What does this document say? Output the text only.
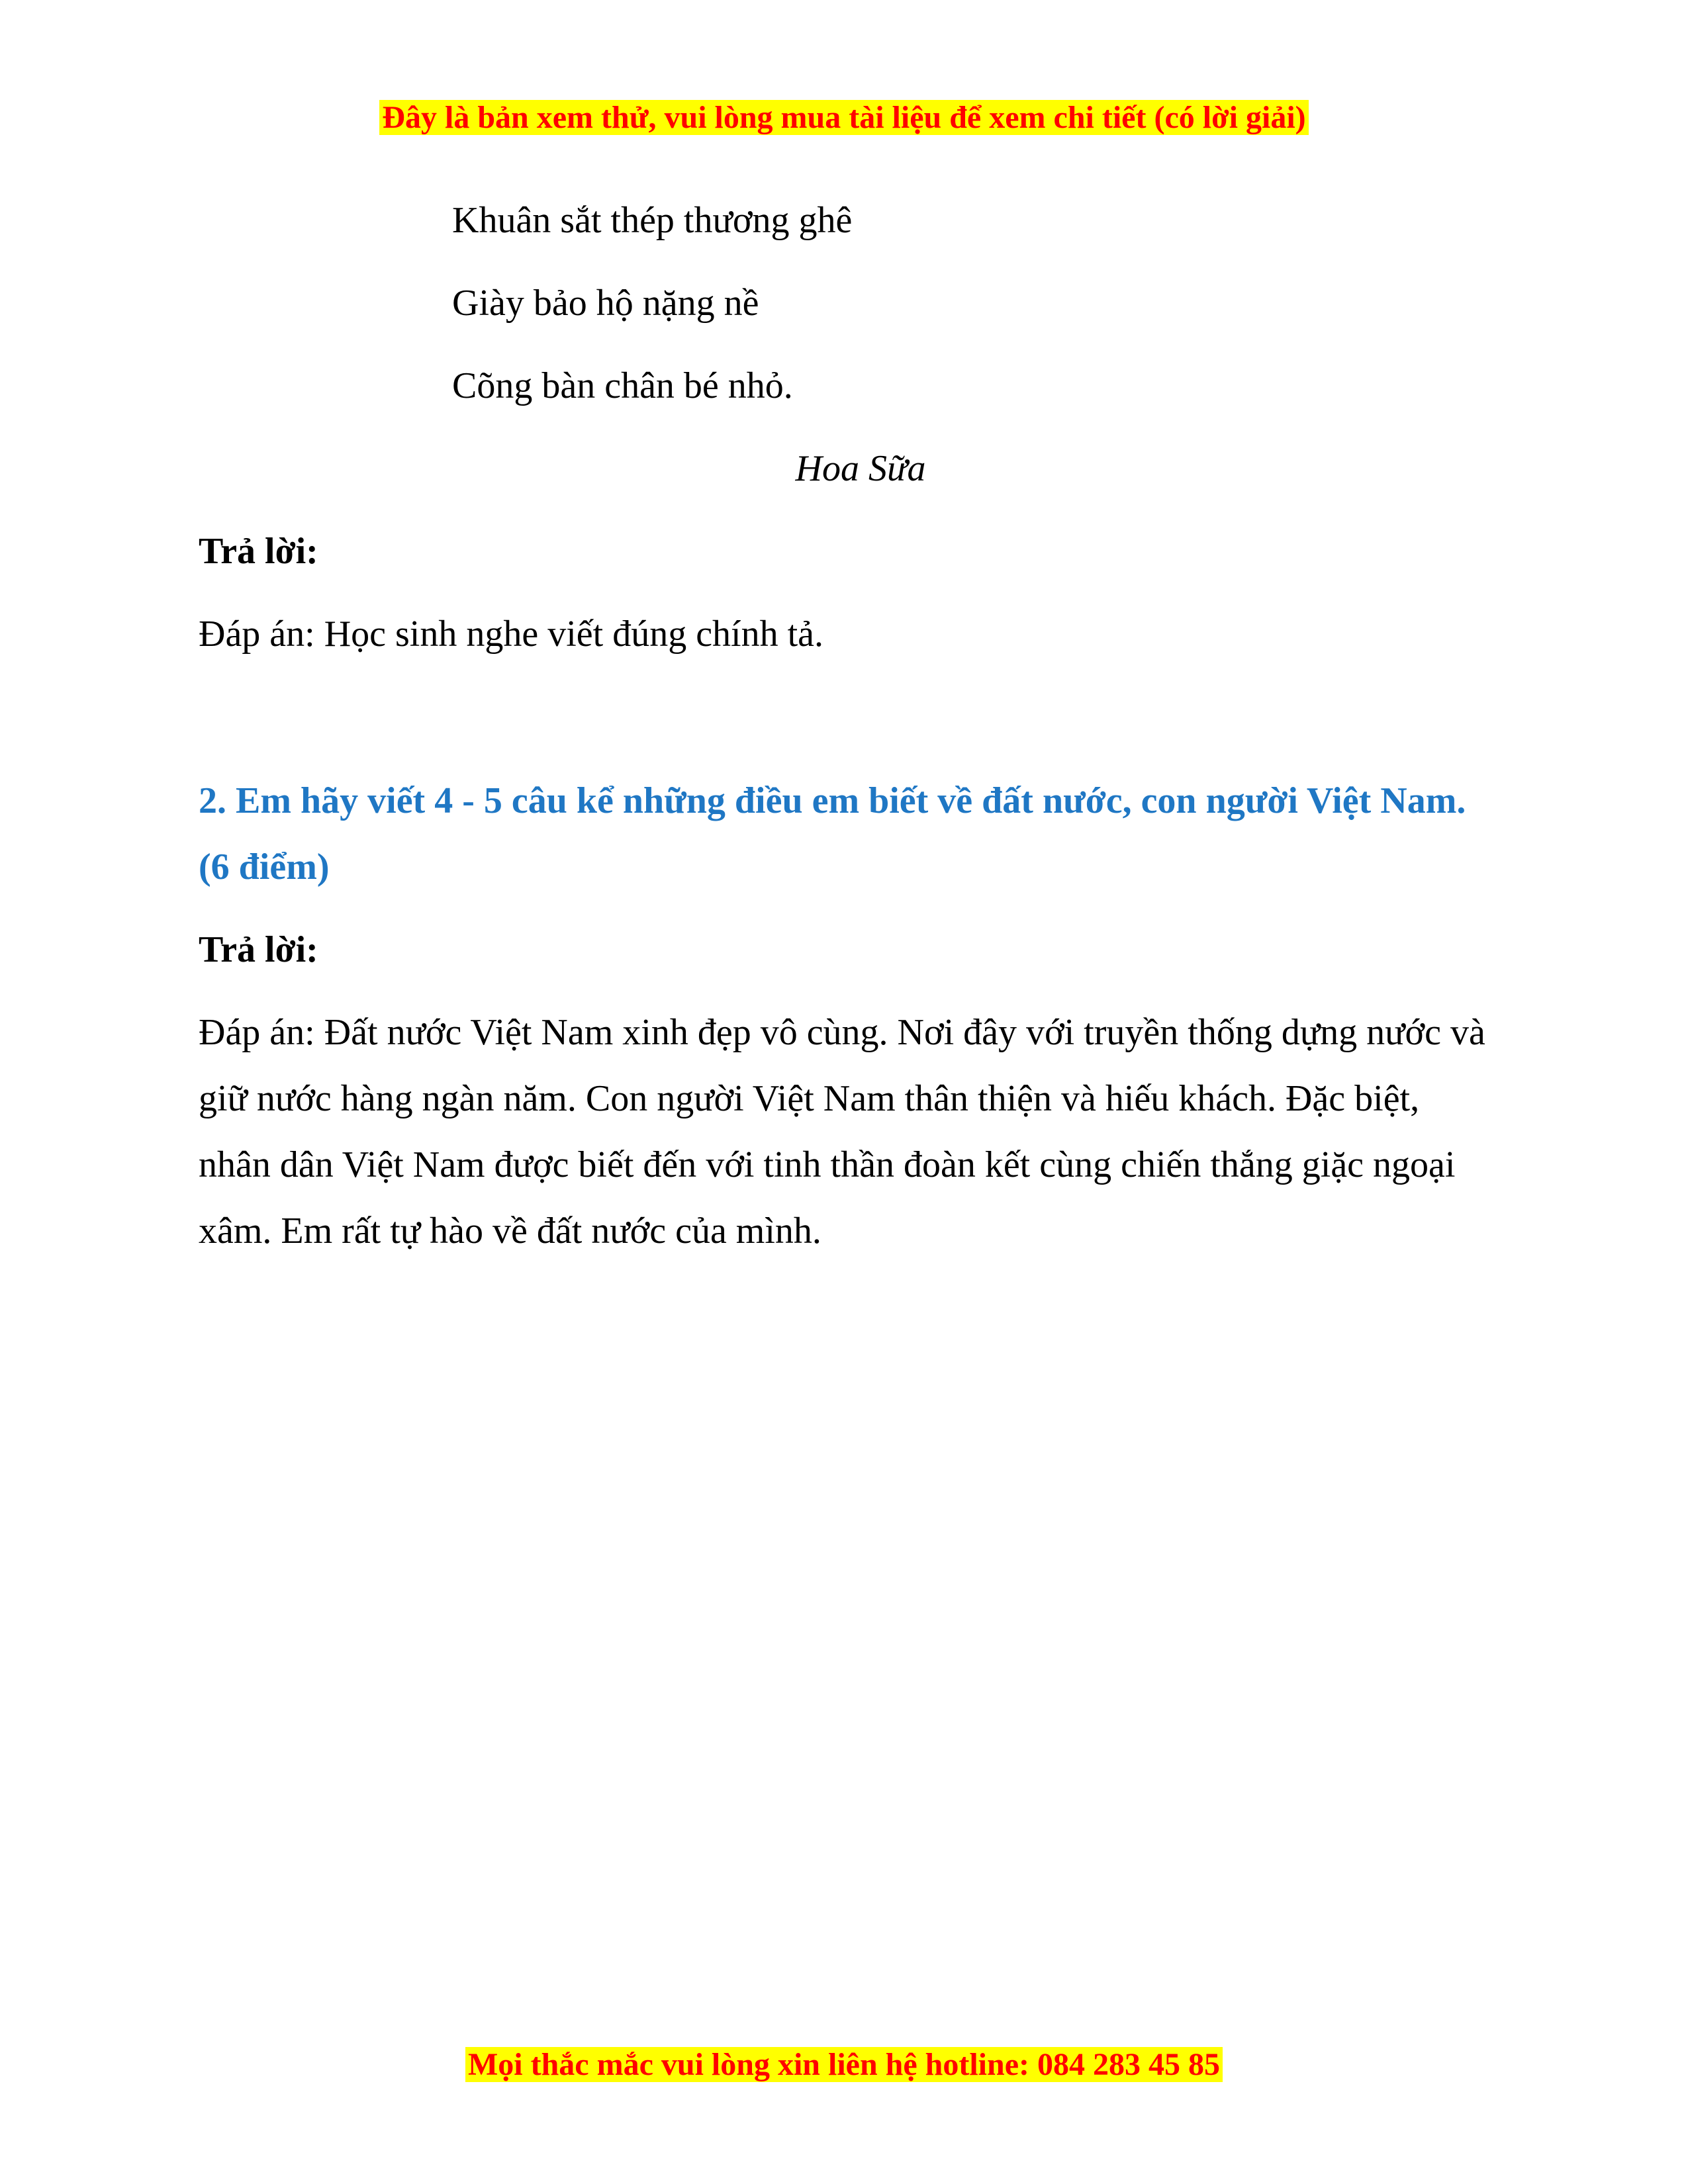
Đây là bản xem thử, vui lòng mua tài liệu để xem chi tiết (có lời giải)
Khuân sắt thép thương ghê
Giày bảo hộ nặng nề
Cõng bàn chân bé nhỏ.
Hoa Sữa
Trả lời:
Đáp án: Học sinh nghe viết đúng chính tả.
2. Em hãy viết 4 - 5 câu kể những điều em biết về đất nước, con người Việt Nam. (6 điểm)
Trả lời:
Đáp án: Đất nước Việt Nam xinh đẹp vô cùng. Nơi đây với truyền thống dựng nước và giữ nước hàng ngàn năm. Con người Việt Nam thân thiện và hiếu khách. Đặc biệt, nhân dân Việt Nam được biết đến với tinh thần đoàn kết cùng chiến thắng giặc ngoại xâm. Em rất tự hào về đất nước của mình.
Mọi thắc mắc vui lòng xin liên hệ hotline: 084 283 45 85
